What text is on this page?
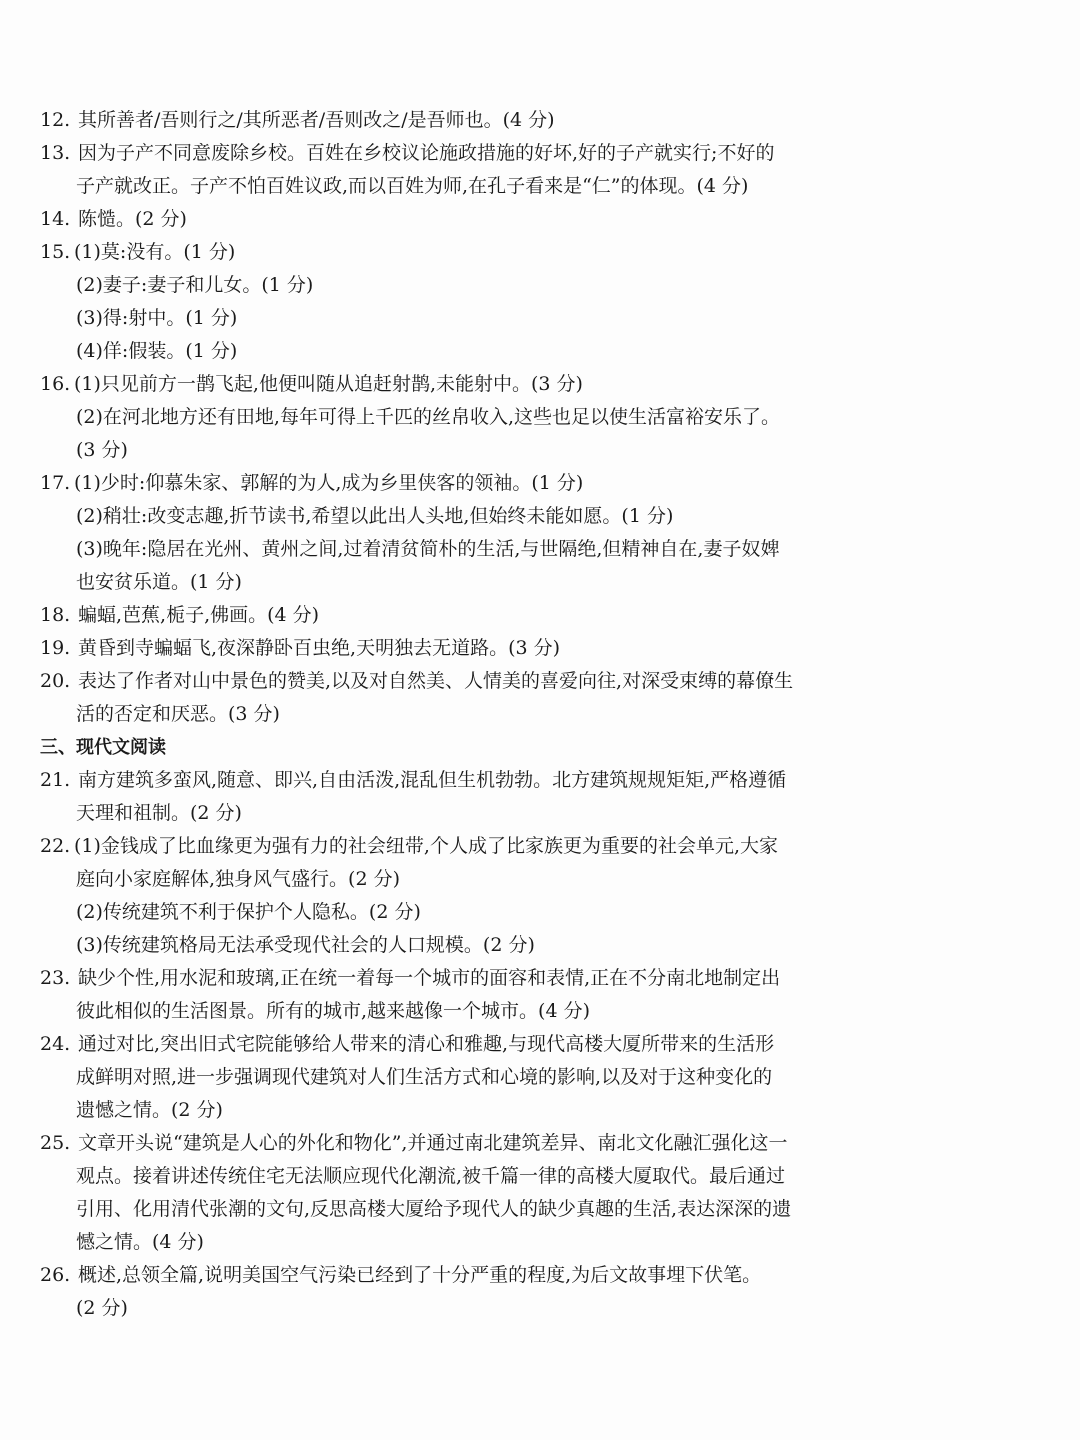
12. 其所善者/吾则行之/其所恶者/吾则改之/是吾师也。(4 分)
13. 因为子产不同意废除乡校。百姓在乡校议论施政措施的好坏,好的子产就实行;不好的
子产就改正。子产不怕百姓议政,而以百姓为师,在孔子看来是“仁”的体现。(4 分)
14. 陈慥。(2 分)
15. (1)莫:没有。(1 分)
(2)妻子:妻子和儿女。(1 分)
(3)得:射中。(1 分)
(4)佯:假装。(1 分)
16. (1)只见前方一鹊飞起,他便叫随从追赶射鹊,未能射中。(3 分)
(2)在河北地方还有田地,每年可得上千匹的丝帛收入,这些也足以使生活富裕安乐了。
(3 分)
17. (1)少时:仰慕朱家、郭解的为人,成为乡里侠客的领袖。(1 分)
(2)稍壮:改变志趣,折节读书,希望以此出人头地,但始终未能如愿。(1 分)
(3)晚年:隐居在光州、黄州之间,过着清贫简朴的生活,与世隔绝,但精神自在,妻子奴婢
也安贫乐道。(1 分)
18. 蝙蝠,芭蕉,栀子,佛画。(4 分)
19. 黄昏到寺蝙蝠飞,夜深静卧百虫绝,天明独去无道路。(3 分)
20. 表达了作者对山中景色的赞美,以及对自然美、人情美的喜爱向往,对深受束缚的幕僚生
活的否定和厌恶。(3 分)
三、现代文阅读
21. 南方建筑多蛮风,随意、即兴,自由活泼,混乱但生机勃勃。北方建筑规规矩矩,严格遵循
天理和祖制。(2 分)
22. (1)金钱成了比血缘更为强有力的社会纽带,个人成了比家族更为重要的社会单元,大家
庭向小家庭解体,独身风气盛行。(2 分)
(2)传统建筑不利于保护个人隐私。(2 分)
(3)传统建筑格局无法承受现代社会的人口规模。(2 分)
23. 缺少个性,用水泥和玻璃,正在统一着每一个城市的面容和表情,正在不分南北地制定出
彼此相似的生活图景。所有的城市,越来越像一个城市。(4 分)
24. 通过对比,突出旧式宅院能够给人带来的清心和雅趣,与现代高楼大厦所带来的生活形
成鲜明对照,进一步强调现代建筑对人们生活方式和心境的影响,以及对于这种变化的
遗憾之情。(2 分)
25. 文章开头说“建筑是人心的外化和物化”,并通过南北建筑差异、南北文化融汇强化这一
观点。接着讲述传统住宅无法顺应现代化潮流,被千篇一律的高楼大厦取代。最后通过
引用、化用清代张潮的文句,反思高楼大厦给予现代人的缺少真趣的生活,表达深深的遗
憾之情。(4 分)
26. 概述,总领全篇,说明美国空气污染已经到了十分严重的程度,为后文故事埋下伏笔。
(2 分)
